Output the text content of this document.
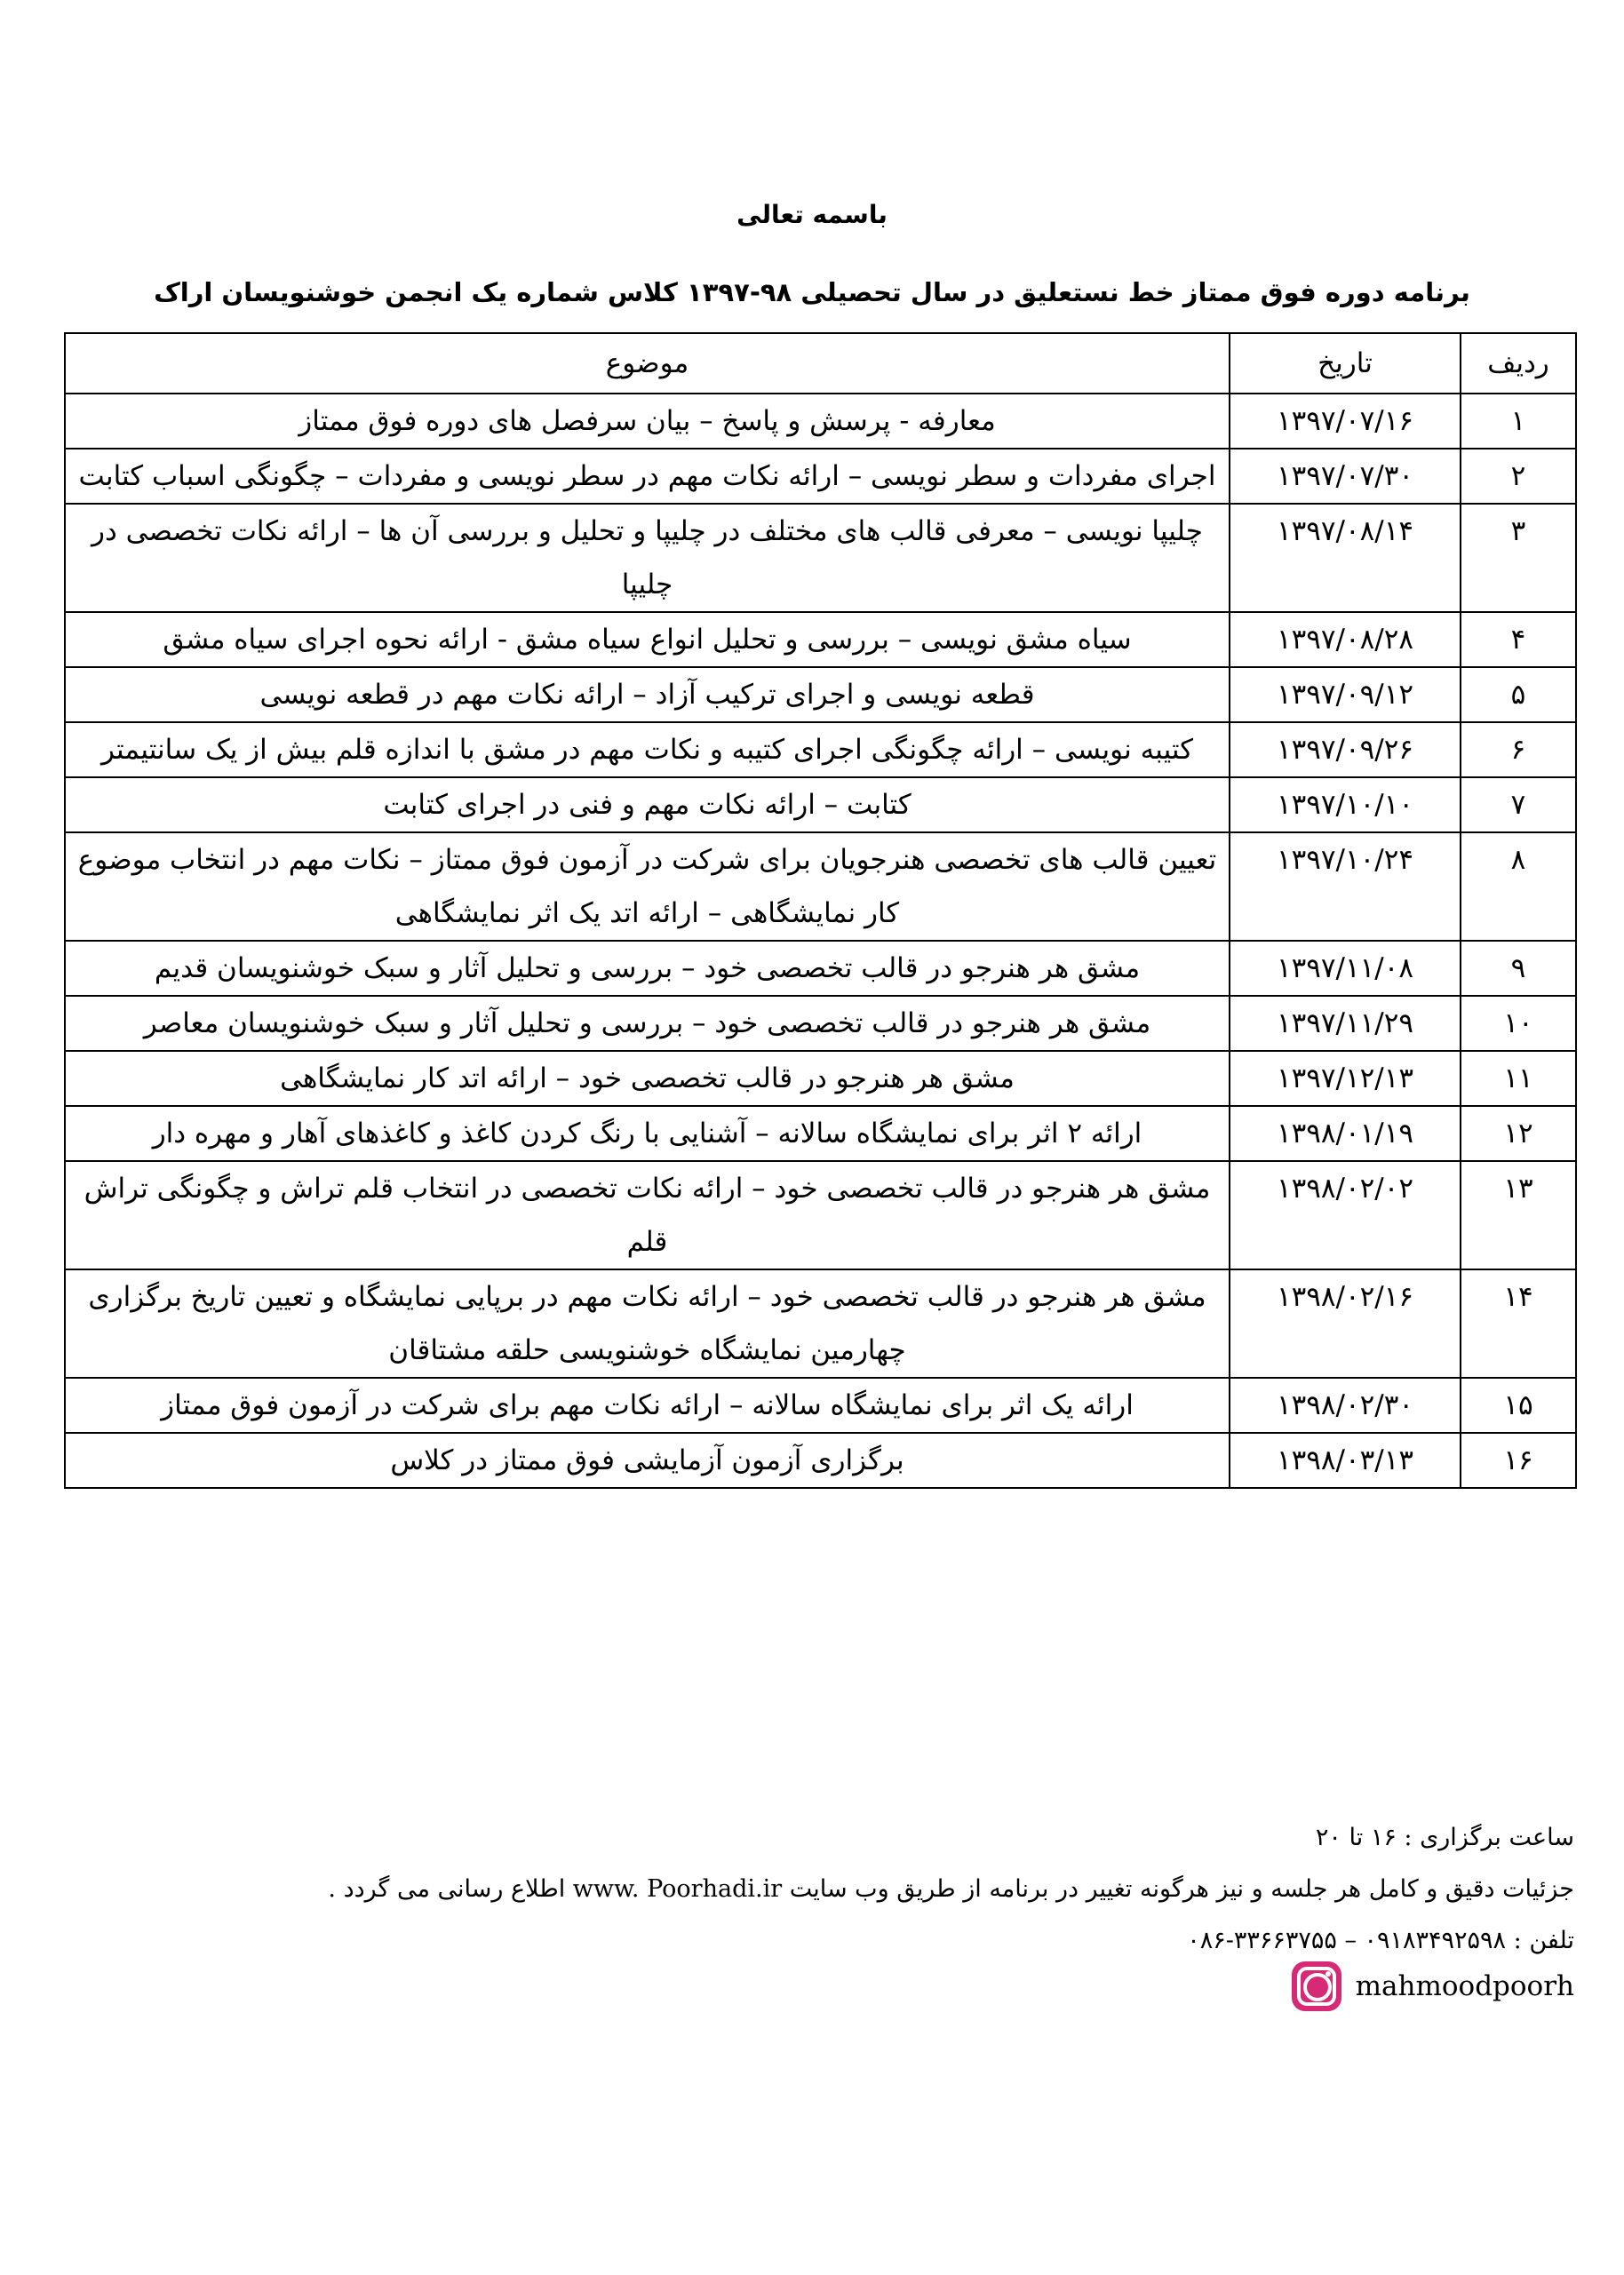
باسمه تعالی
برنامه دوره فوق ممتاز خط نستعلیق در سال تحصیلی ۹۸-۱۳۹۷ کلاس شماره یک انجمن خوشنویسان اراک
ردیف	تاریخ	موضوع
۱	۱۳۹۷/۰۷/۱۶	معارفه - پرسش و پاسخ – بیان سرفصل های دوره فوق ممتاز
۲	۱۳۹۷/۰۷/۳۰	اجرای مفردات و سطر نویسی – ارائه نکات مهم در سطر نویسی و مفردات – چگونگی اسباب کتابت
۳	۱۳۹۷/۰۸/۱۴	چلیپا نویسی – معرفی قالب های مختلف در چلیپا و تحلیل و بررسی آن ها – ارائه نکات تخصصی در چلیپا
۴	۱۳۹۷/۰۸/۲۸	سیاه مشق نویسی – بررسی و تحلیل انواع سیاه مشق - ارائه نحوه اجرای سیاه مشق
۵	۱۳۹۷/۰۹/۱۲	قطعه نویسی و اجرای ترکیب آزاد – ارائه نکات مهم در قطعه نویسی
۶	۱۳۹۷/۰۹/۲۶	کتیبه نویسی – ارائه چگونگی اجرای کتیبه و نکات مهم در مشق با اندازه قلم بیش از یک سانتیمتر
۷	۱۳۹۷/۱۰/۱۰	کتابت – ارائه نکات مهم و فنی در اجرای کتابت
۸	۱۳۹۷/۱۰/۲۴	تعیین قالب های تخصصی هنرجویان برای شرکت در آزمون فوق ممتاز – نکات مهم در انتخاب موضوع کار نمایشگاهی – ارائه اتد یک اثر نمایشگاهی
۹	۱۳۹۷/۱۱/۰۸	مشق هر هنرجو در قالب تخصصی خود – بررسی و تحلیل آثار و سبک خوشنویسان قدیم
۱۰	۱۳۹۷/۱۱/۲۹	مشق هر هنرجو در قالب تخصصی خود – بررسی و تحلیل آثار و سبک خوشنویسان معاصر
۱۱	۱۳۹۷/۱۲/۱۳	مشق هر هنرجو در قالب تخصصی خود – ارائه اتد کار نمایشگاهی
۱۲	۱۳۹۸/۰۱/۱۹	ارائه ۲ اثر برای نمایشگاه سالانه – آشنایی با رنگ کردن کاغذ و کاغذهای آهار و مهره دار
۱۳	۱۳۹۸/۰۲/۰۲	مشق هر هنرجو در قالب تخصصی خود – ارائه نکات تخصصی در انتخاب قلم تراش و چگونگی تراش قلم
۱۴	۱۳۹۸/۰۲/۱۶	مشق هر هنرجو در قالب تخصصی خود – ارائه نکات مهم در برپایی نمایشگاه و تعیین تاریخ برگزاری چهارمین نمایشگاه خوشنویسی حلقه مشتاقان
۱۵	۱۳۹۸/۰۲/۳۰	ارائه یک اثر برای نمایشگاه سالانه – ارائه نکات مهم برای شرکت در آزمون فوق ممتاز
۱۶	۱۳۹۸/۰۳/۱۳	برگزاری آزمون آزمایشی فوق ممتاز در کلاس

ساعت برگزاری : ۱۶ تا ۲۰

جزئیات دقیق و کامل هر جلسه و نیز هرگونه تغییر در برنامه از طریق وب سایت www. Poorhadi.ir اطلاع رسانی می گردد .

تلفن : ۰۹۱۸۳۴۹۲۵۹۸ – ۳۳۶۶۳۷۵۵-۰۸۶

mahmoodpoorh
